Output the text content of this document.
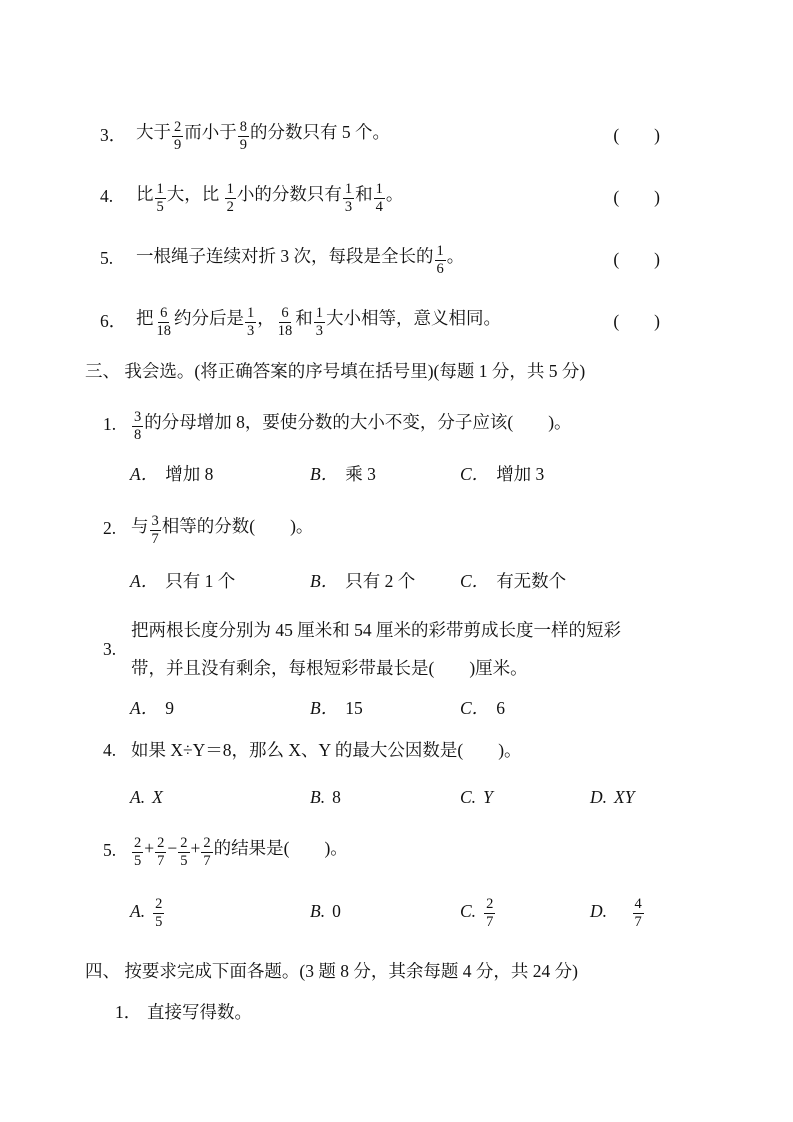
3． 大于 $\frac{2}{9}$ 而小于 $\frac{8}{9}$ 的分数只有 5 个。	(　　)
4.	比 $\frac{1}{5}$ 大，比 $\frac{1}{2}$ 小的分数只有 $\frac{1}{3}$ 和 $\frac{1}{4}$ 。	(　　)
5.	一根绳子连续对折 3 次，每段是全长的 $\frac{1}{6}$ 。	(　　)
6． 把 $\frac{6}{18}$ 约分后是 $\frac{1}{3}$ ， $\frac{6}{18}$ 和 $\frac{1}{3}$ 大小相等，意义相同。	(　　)
三、 我会选。(将正确答案的序号填在括号里)(每题 1 分，共 5 分)
1.	$\frac{3}{8}$ 的分母增加 8，要使分数的大小不变，分子应该(　　)。
A． 增加 8	B． 乘 3	C． 增加 3
2. 与 $\frac{3}{7}$ 相等的分数(　　)。
A． 只有 1 个	B． 只有 2 个	C． 有无数个
3.
把两根长度分别为 45 厘米和 54 厘米的彩带剪成长度一样的短彩
带，并且没有剩余，每根短彩带最长是(　　)厘米。
A． 9	B． 15	C． 6
4. 如果 X÷Y＝8，那么 X、Y 的最大公因数是(　　)。
A. X	B. 8	C. Y	D. XY
5.	$\frac{2}{5} + \frac{2}{7} - \frac{2}{5} + \frac{2}{7}$ 的结果是(　　)。
A. $\frac{2}{5}$	B. 0	C. $\frac{2}{7}$	D.
　 $\frac{4}{7}$
四、 按要求完成下面各题。(3 题 8 分，其余每题 4 分，共 24 分)
1． 直接写得数。
